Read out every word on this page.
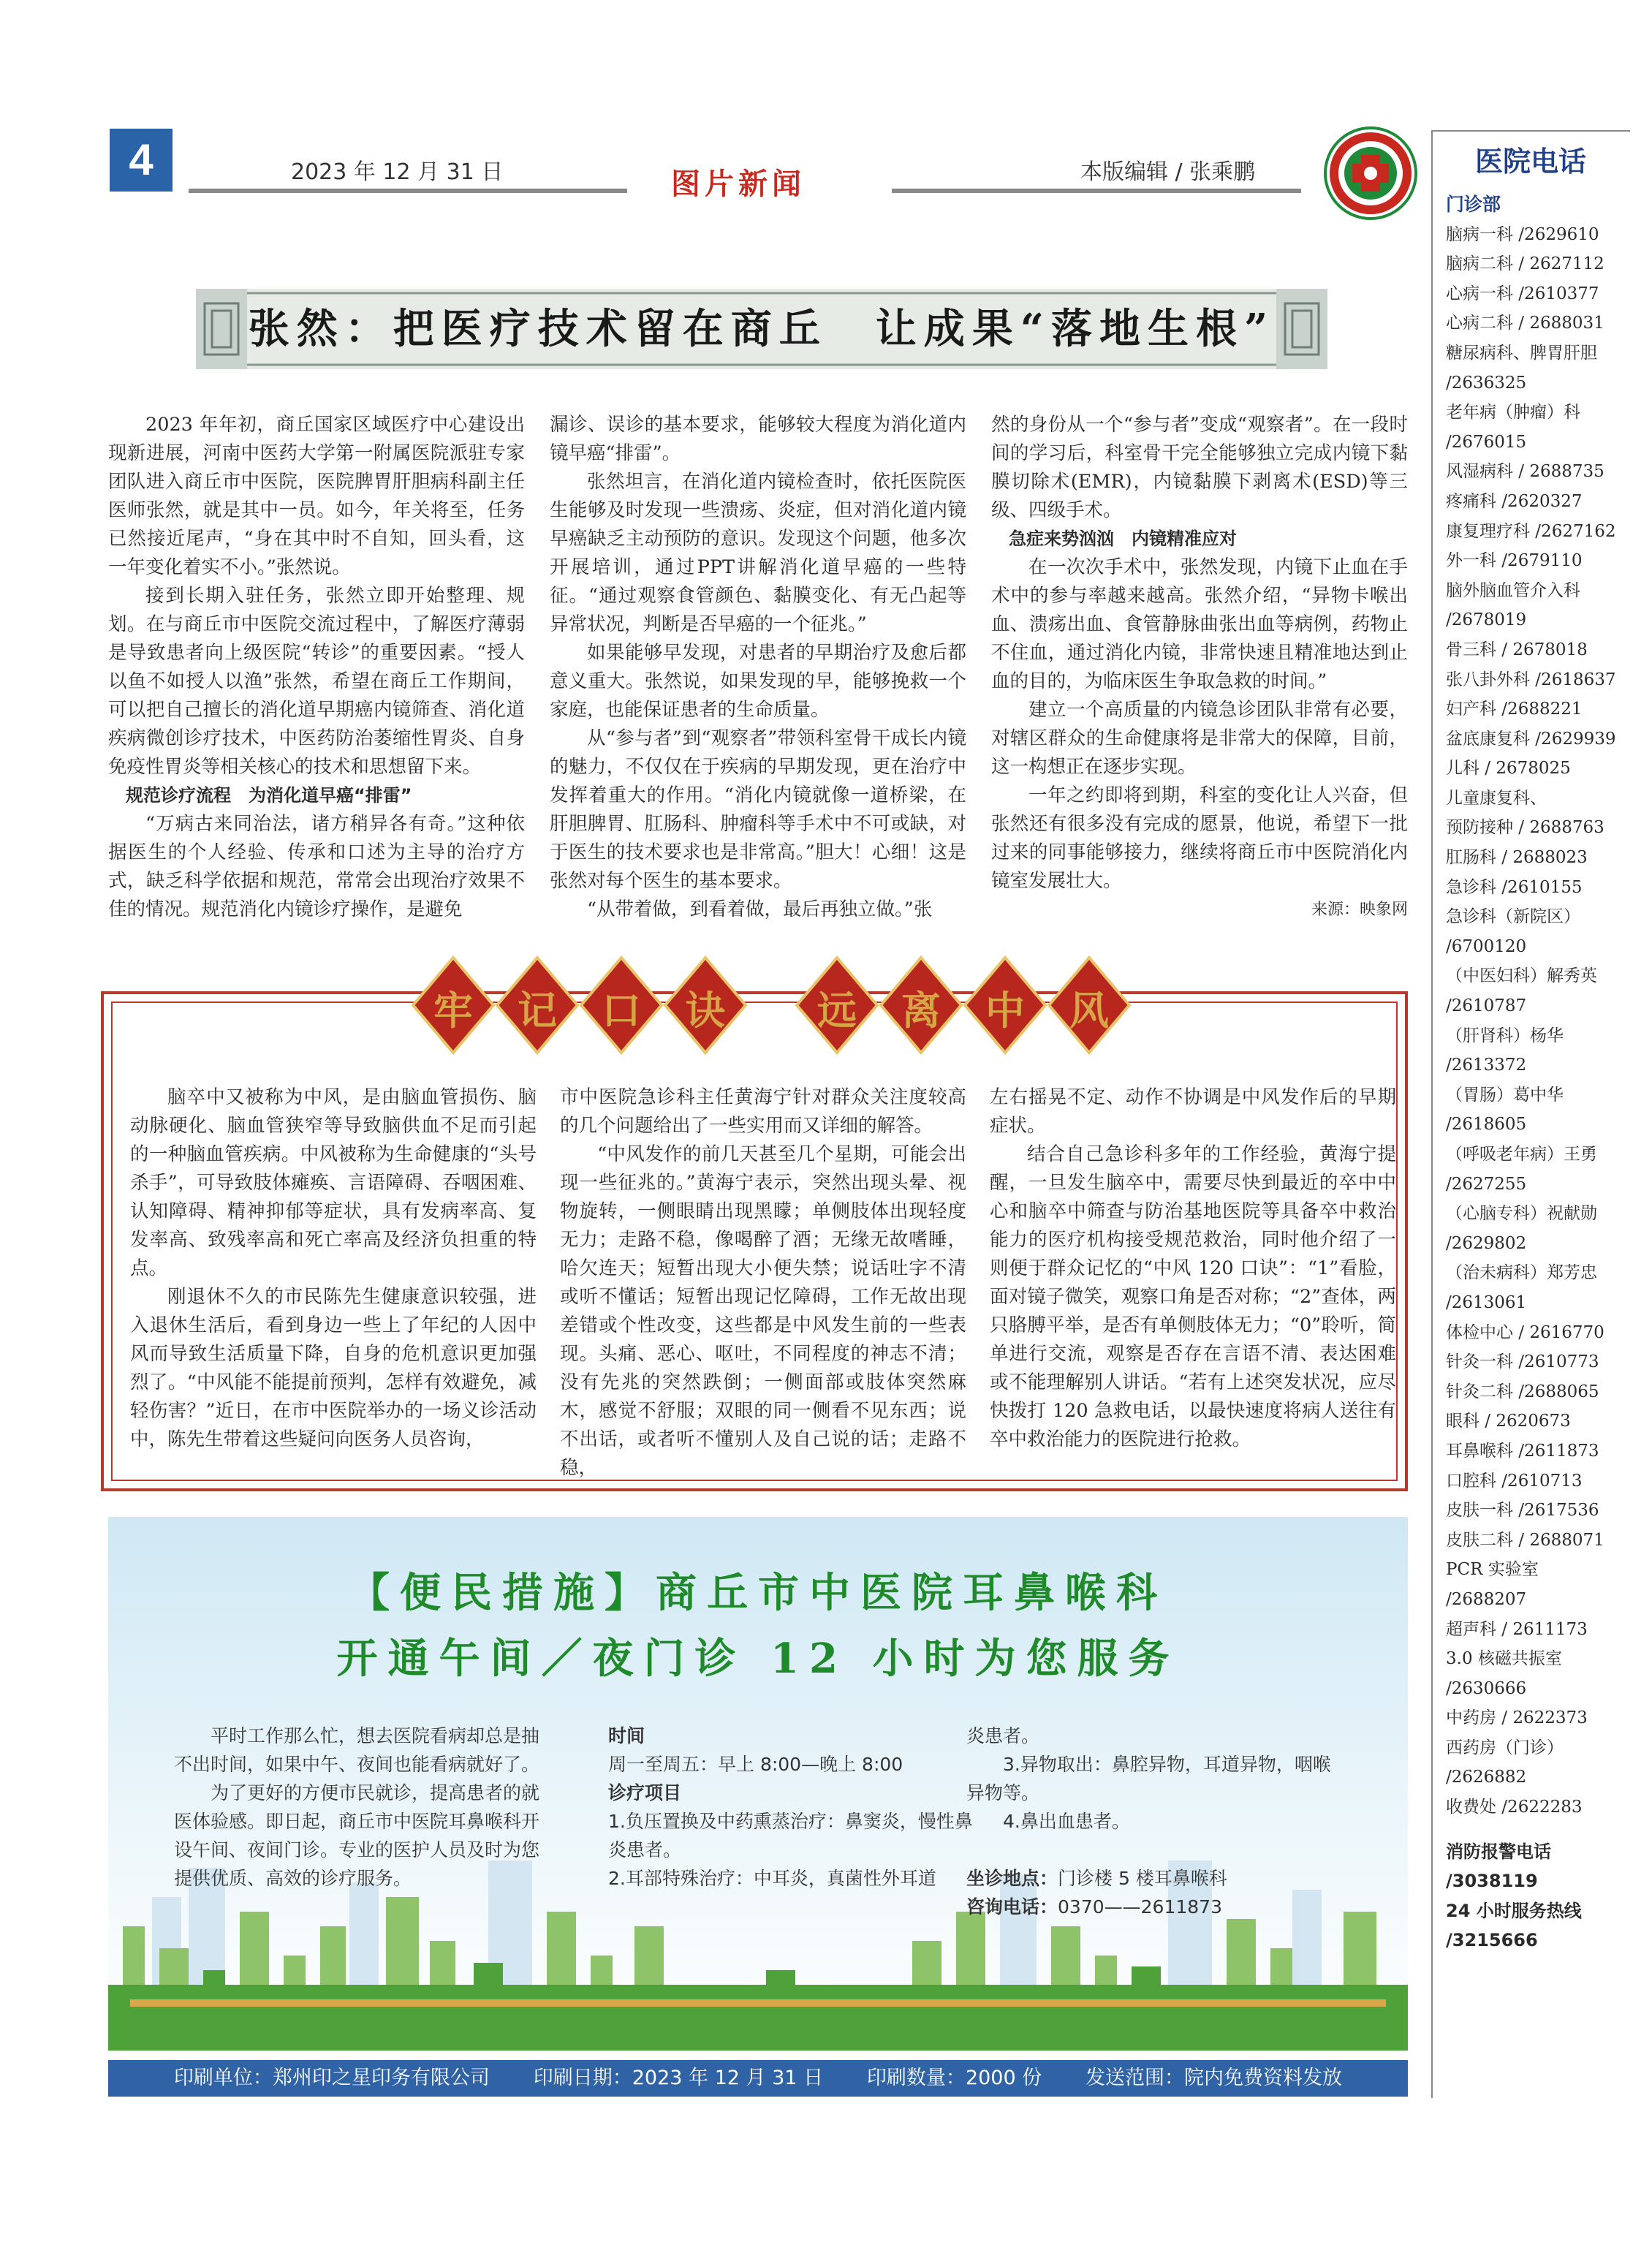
4	2023 年 12 月 31 日	图片新闻	本版编辑 / 张乘鹏
张然：把医疗技术留在商丘　让成果“落地生根”

2023 年年初，商丘国家区域医疗中心建设出现新进展，河南中医药大学第一附属医院派驻专家团队进入商丘市中医院，医院脾胃肝胆病科副主任医师张然，就是其中一员。如今，年关将至，任务已然接近尾声，“身在其中时不自知，回头看，这一年变化着实不小。”张然说。

接到长期入驻任务，张然立即开始整理、规划。在与商丘市中医院交流过程中，了解医疗薄弱是导致患者向上级医院“转诊”的重要因素。“授人以鱼不如授人以渔”张然，希望在商丘工作期间，可以把自己擅长的消化道早期癌内镜筛查、消化道疾病微创诊疗技术，中医药防治萎缩性胃炎、自身免疫性胃炎等相关核心的技术和思想留下来。

规范诊疗流程　为消化道早癌“排雷”

“万病古来同治法，诸方稍异各有奇。”这种依据医生的个人经验、传承和口述为主导的治疗方式，缺乏科学依据和规范，常常会出现治疗效果不佳的情况。规范消化内镜诊疗操作，是避免

漏诊、误诊的基本要求，能够较大程度为消化道内镜早癌“排雷”。

张然坦言，在消化道内镜检查时，依托医院医生能够及时发现一些溃疡、炎症，但对消化道内镜早癌缺乏主动预防的意识。发现这个问题，他多次开展培训，通过PPT讲解消化道早癌的一些特征。“通过观察食管颜色、黏膜变化、有无凸起等异常状况，判断是否早癌的一个征兆。”

如果能够早发现，对患者的早期治疗及愈后都意义重大。张然说，如果发现的早，能够挽救一个家庭，也能保证患者的生命质量。

从“参与者”到“观察者”带领科室骨干成长内镜的魅力，不仅仅在于疾病的早期发现，更在治疗中发挥着重大的作用。“消化内镜就像一道桥梁，在肝胆脾胃、肛肠科、肿瘤科等手术中不可或缺，对于医生的技术要求也是非常高。”胆大！心细！这是张然对每个医生的基本要求。

“从带着做，到看着做，最后再独立做。”张

然的身份从一个“参与者”变成“观察者”。在一段时间的学习后，科室骨干完全能够独立完成内镜下黏膜切除术(EMR)，内镜黏膜下剥离术(ESD)等三级、四级手术。

急症来势汹汹　内镜精准应对

在一次次手术中，张然发现，内镜下止血在手术中的参与率越来越高。张然介绍，“异物卡喉出血、溃疡出血、食管静脉曲张出血等病例，药物止不住血，通过消化内镜，非常快速且精准地达到止血的目的，为临床医生争取急救的时间。”

建立一个高质量的内镜急诊团队非常有必要，对辖区群众的生命健康将是非常大的保障，目前，这一构想正在逐步实现。

一年之约即将到期，科室的变化让人兴奋，但张然还有很多没有完成的愿景，他说，希望下一批过来的同事能够接力，继续将商丘市中医院消化内镜室发展壮大。

来源：映象网

牢 记 口 诀 远 离 中 风

脑卒中又被称为中风，是由脑血管损伤、脑动脉硬化、脑血管狭窄等导致脑供血不足而引起的一种脑血管疾病。中风被称为生命健康的“头号杀手”，可导致肢体瘫痪、言语障碍、吞咽困难、认知障碍、精神抑郁等症状，具有发病率高、复发率高、致残率高和死亡率高及经济负担重的特点。

刚退休不久的市民陈先生健康意识较强，进入退休生活后，看到身边一些上了年纪的人因中风而导致生活质量下降，自身的危机意识更加强烈了。“中风能不能提前预判，怎样有效避免，减轻伤害？”近日，在市中医院举办的一场义诊活动中，陈先生带着这些疑问向医务人员咨询，

市中医院急诊科主任黄海宁针对群众关注度较高的几个问题给出了一些实用而又详细的解答。

“中风发作的前几天甚至几个星期，可能会出现一些征兆的。”黄海宁表示，突然出现头晕、视物旋转，一侧眼睛出现黑矇；单侧肢体出现轻度无力；走路不稳，像喝醉了酒；无缘无故嗜睡，哈欠连天；短暂出现大小便失禁；说话吐字不清或听不懂话；短暂出现记忆障碍，工作无故出现差错或个性改变，这些都是中风发生前的一些表现。头痛、恶心、呕吐，不同程度的神志不清；没有先兆的突然跌倒；一侧面部或肢体突然麻木，感觉不舒服；双眼的同一侧看不见东西；说不出话，或者听不懂别人及自己说的话；走路不稳，

左右摇晃不定、动作不协调是中风发作后的早期症状。

结合自己急诊科多年的工作经验，黄海宁提醒，一旦发生脑卒中，需要尽快到最近的卒中中心和脑卒中筛查与防治基地医院等具备卒中救治能力的医疗机构接受规范救治，同时他介绍了一则便于群众记忆的“中风 120 口诀”：“1”看脸，面对镜子微笑，观察口角是否对称；“2”查体，两只胳膊平举，是否有单侧肢体无力；“0”聆听，简单进行交流，观察是否存在言语不清、表达困难或不能理解别人讲话。“若有上述突发状况，应尽快拨打 120 急救电话，以最快速度将病人送往有卒中救治能力的医院进行抢救。

【便民措施】商丘市中医院耳鼻喉科
开通午间／夜门诊 12 小时为您服务

平时工作那么忙，想去医院看病却总是抽不出时间，如果中午、夜间也能看病就好了。

为了更好的方便市民就诊，提高患者的就医体验感。即日起，商丘市中医院耳鼻喉科开设午间、夜间门诊。专业的医护人员及时为您提供优质、高效的诊疗服务。

时间

周一至周五：早上 8:00—晚上 8:00

诊疗项目

1.负压置换及中药熏蒸治疗：鼻窦炎，慢性鼻炎患者。

2.耳部特殊治疗：中耳炎，真菌性外耳道

炎患者。

3.异物取出：鼻腔异物，耳道异物，咽喉异物等。

4.鼻出血患者。

坐诊地点：门诊楼 5 楼耳鼻喉科

咨询电话：0370——2611873

印刷单位：郑州印之星印务有限公司 印刷日期：2023 年 12 月 31 日 印刷数量：2000 份 发送范围：院内免费资料发放
医院电话
门诊部
脑病一科 /2629610
脑病二科 / 2627112
心病一科 /2610377
心病二科 / 2688031
糖尿病科、脾胃肝胆
/2636325
老年病（肿瘤）科
/2676015
风湿病科 / 2688735
疼痛科 /2620327
康复理疗科 /2627162
外一科 /2679110
脑外脑血管介入科
/2678019
骨三科 / 2678018
张八卦外科 /2618637
妇产科 /2688221
盆底康复科 /2629939
儿科 / 2678025
儿童康复科、
预防接种 / 2688763
肛肠科 / 2688023
急诊科 /2610155
急诊科（新院区）
/6700120
（中医妇科）解秀英
/2610787
（肝肾科）杨华
/2613372
（胃肠）葛中华
/2618605
（呼吸老年病）王勇
/2627255
（心脑专科）祝献勋
/2629802
（治未病科）郑芳忠
/2613061
体检中心 / 2616770
针灸一科 /2610773
针灸二科 /2688065
眼科 / 2620673
耳鼻喉科 /2611873
口腔科 /2610713
皮肤一科 /2617536
皮肤二科 / 2688071
PCR 实验室
/2688207
超声科 / 2611173
3.0 核磁共振室
/2630666
中药房 / 2622373
西药房（门诊）
/2626882
收费处 /2622283
消防报警电话
/3038119
24 小时服务热线
/3215666
